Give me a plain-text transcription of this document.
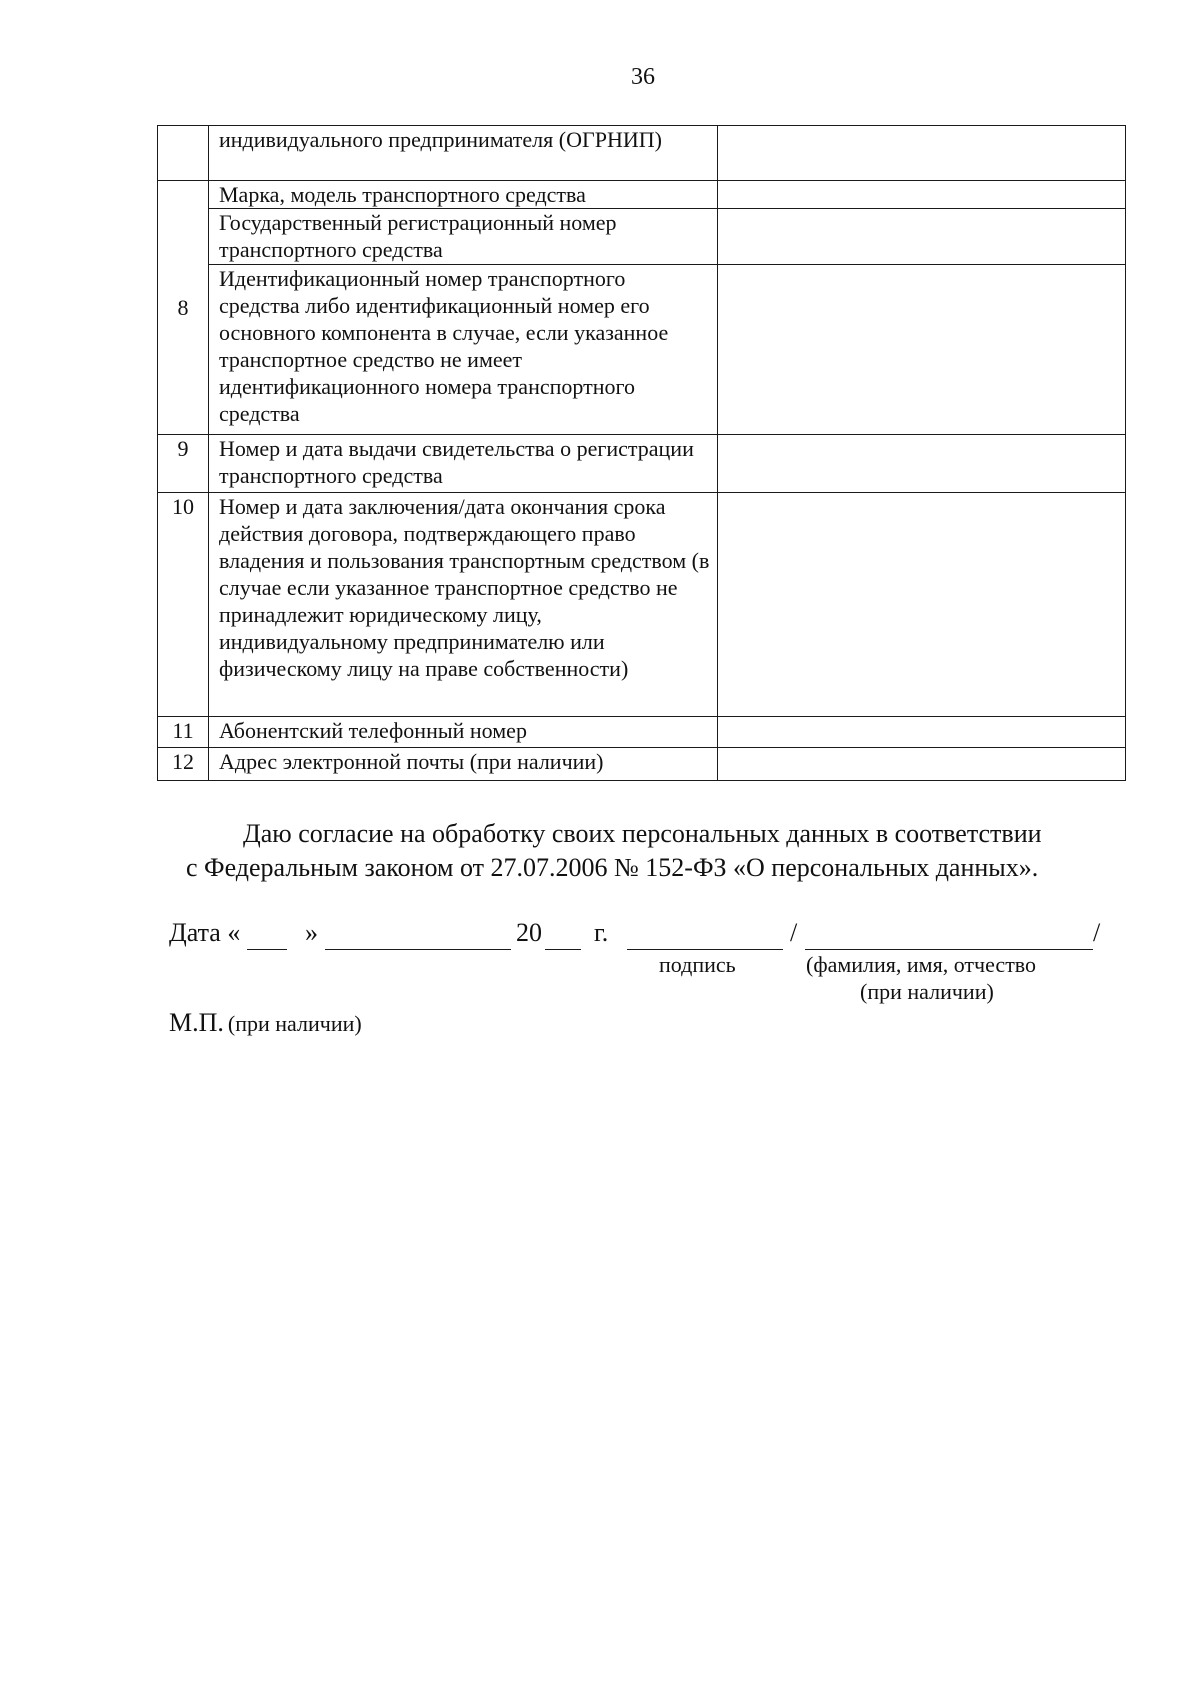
36
	индивидуального предпринимателя (ОГРНИП)	
8	Марка, модель транспортного средства	
	Государственный регистрационный номер транспортного средства	
	Идентификационный номер транспортного средства либо идентификационный номер его основного компонента в случае, если указанное транспортное средство не имеет идентификационного номера транспортного средства	
9	Номер и дата выдачи свидетельства о регистрации транспортного средства	
10	Номер и дата заключения/дата окончания срока действия договора, подтверждающего право владения и пользования транспортным средством (в случае если указанное транспортное средство не принадлежит юридическому лицу, индивидуальному предпринимателю или физическому лицу на праве собственности)	
11	Абонентский телефонный номер	
12	Адрес электронной почты (при наличии)	
Даю согласие на обработку своих персональных данных в соответствии
с Федеральным законом от 27.07.2006 № 152-ФЗ «О персональных данных».
Дата « »	20 г.	/	/
подпись	(фамилия, имя, отчество
(при наличии)
М.П. (при наличии)
